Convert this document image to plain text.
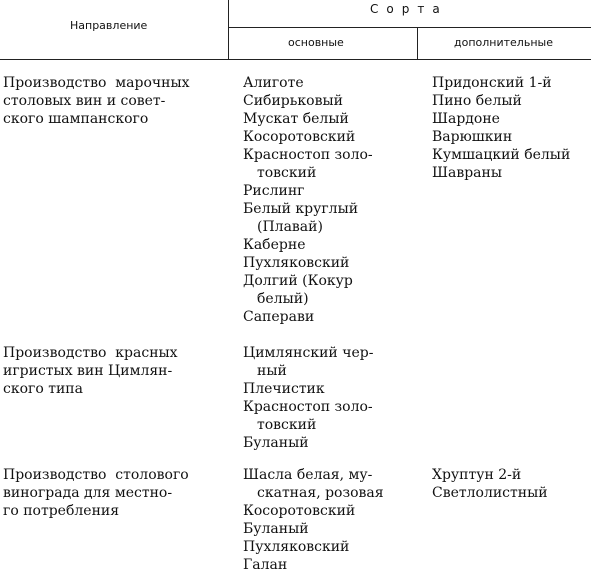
Направление
Сорта
основные	дополнительные
Производство  марочных
столовых вин и совет-
ского шампанского
Алиготе
Сибирьковый
Мускат белый
Косоротовский
Красностоп золо-
товский
Рислинг
Белый круглый
(Плавай)
Каберне
Пухляковский
Долгий (Кокур
белый)
Саперави
Придонский 1-й
Пино белый
Шардоне
Варюшкин
Кумшацкий белый
Шавраны
Производство  красных
игристых вин Цимлян-
ского типа
Цимлянский чер-
ный
Плечистик
Красностоп золо-
товский
Буланый
Производство  столового
винограда для местно-
го потребления
Шасла белая, му-
скатная, розовая
Косоротовский
Буланый
Пухляковский
Галан
Хруптун 2-й
Светлолистный
